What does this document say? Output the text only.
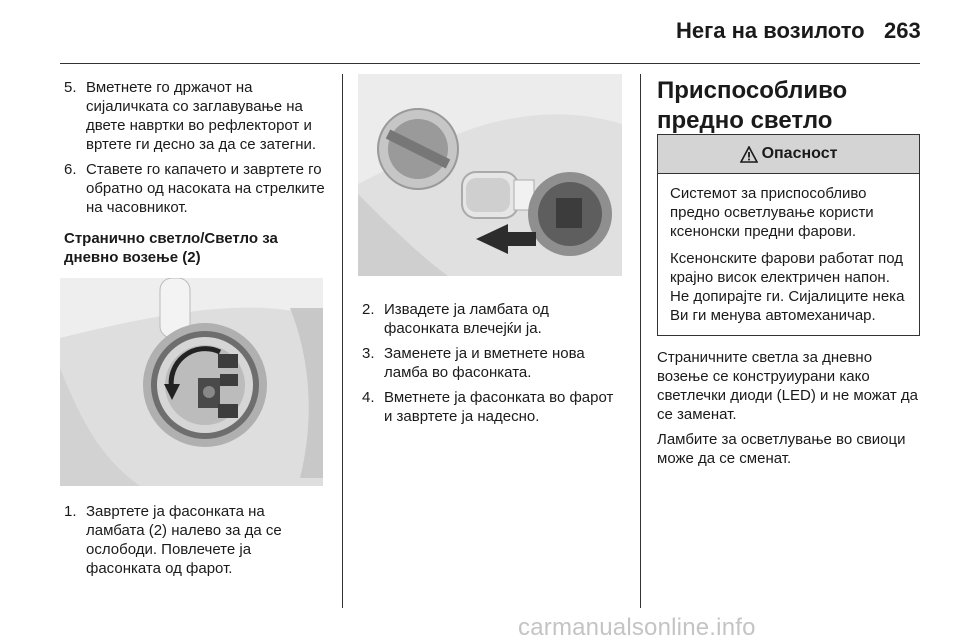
Нега на возилото 263
5. Вметнете го држачот на сијаличката со заглавување на двете навртки во рефлекторот и вртете ги десно за да се затегни.
6. Ставете го капачето и завртете го обратно од насоката на стрелките на часовникот.
Странично светло/Светло за дневно возење (2)
1. Завртете ја фасонката на ламбата (2) налево за да се ослободи. Повлечете ја фасонката од фарот.
2. Извадете ја ламбата од фасонката влечејќи ја.
3. Заменете ја и вметнете нова ламба во фасонката.
4. Вметнете ја фасонката во фарот и завртете ја надесно.
Приспособливо предно светло
Опасност

Системот за приспособливо предно осветлување користи ксенонски предни фарови.

Ксенонските фарови работат под крајно висок електричен напон. Не допирајте ги. Сијалиците нека Ви ги менува автомеханичар.

Страничните светла за дневно возење се конструиурани како светлечки диоди (LED) и не можат да се заменат.

Ламбите за осветлување во свиоци може да се сменат.

carmanualsonline.info
